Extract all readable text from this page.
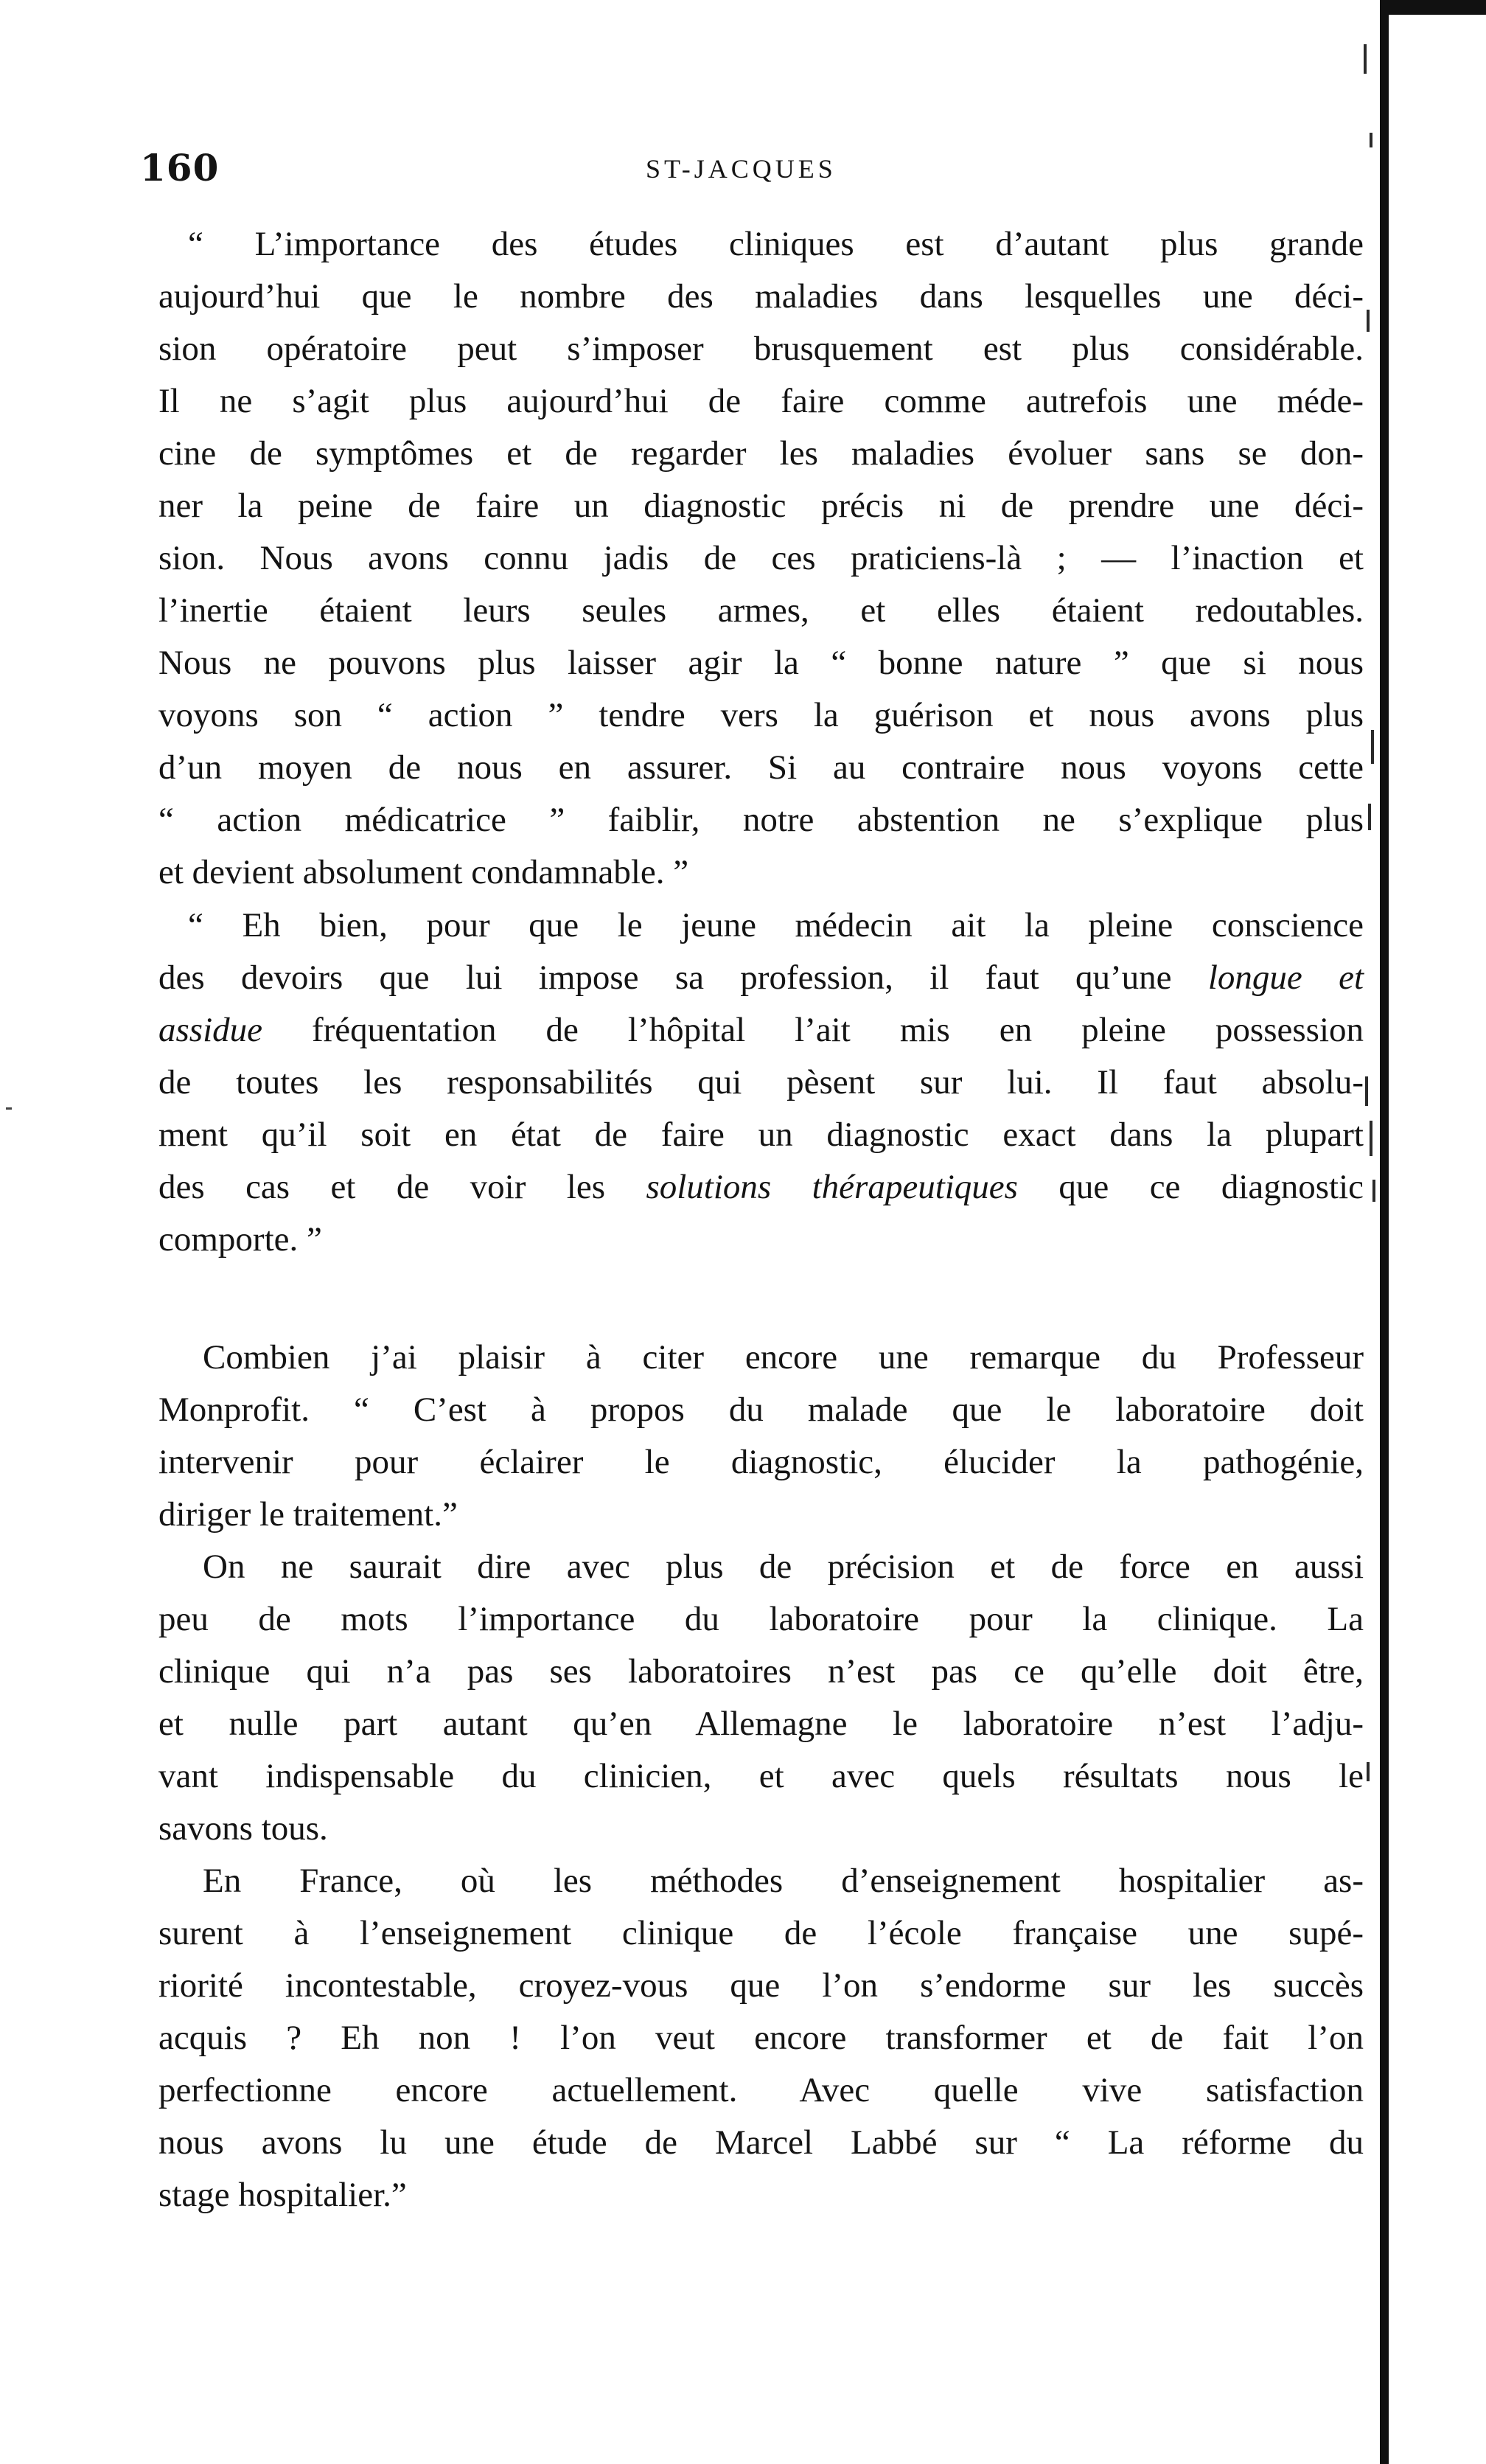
160	ST-JACQUES
“ L’importance des études cliniques est d’autant plus grande
aujourd’hui que le nombre des maladies dans lesquelles une déci-
sion opératoire peut s’imposer brusquement est plus considérable.
Il ne s’agit plus aujourd’hui de faire comme autrefois une méde-
cine de symptômes et de regarder les maladies évoluer sans se don-
ner la peine de faire un diagnostic précis ni de prendre une déci-
sion. Nous avons connu jadis de ces praticiens-là ; — l’inaction et
l’inertie étaient leurs seules armes, et elles étaient redoutables.
Nous ne pouvons plus laisser agir la “ bonne nature ” que si nous
voyons son “ action ” tendre vers la guérison et nous avons plus
d’un moyen de nous en assurer. Si au contraire nous voyons cette
“ action médicatrice ” faiblir, notre abstention ne s’explique plus
et devient absolument condamnable. ”
“ Eh bien, pour que le jeune médecin ait la pleine conscience
des devoirs que lui impose sa profession, il faut qu’une longue et
assidue fréquentation de l’hôpital l’ait mis en pleine possession
de toutes les responsabilités qui pèsent sur lui. Il faut absolu-
ment qu’il soit en état de faire un diagnostic exact dans la plupart
des cas et de voir les solutions thérapeutiques que ce diagnostic
comporte. ”
Combien j’ai plaisir à citer encore une remarque du Professeur
Monprofit. “ C’est à propos du malade que le laboratoire doit
intervenir pour éclairer le diagnostic, élucider la pathogénie,
diriger le traitement.”
On ne saurait dire avec plus de précision et de force en aussi
peu de mots l’importance du laboratoire pour la clinique. La
clinique qui n’a pas ses laboratoires n’est pas ce qu’elle doit être,
et nulle part autant qu’en Allemagne le laboratoire n’est l’adju-
vant indispensable du clinicien, et avec quels résultats nous le
savons tous.
En France, où les méthodes d’enseignement hospitalier as-
surent à l’enseignement clinique de l’école française une supé-
riorité incontestable, croyez-vous que l’on s’endorme sur les succès
acquis ? Eh non ! l’on veut encore transformer et de fait l’on
perfectionne encore actuellement. Avec quelle vive satisfaction
nous avons lu une étude de Marcel Labbé sur “ La réforme du
stage hospitalier.”
